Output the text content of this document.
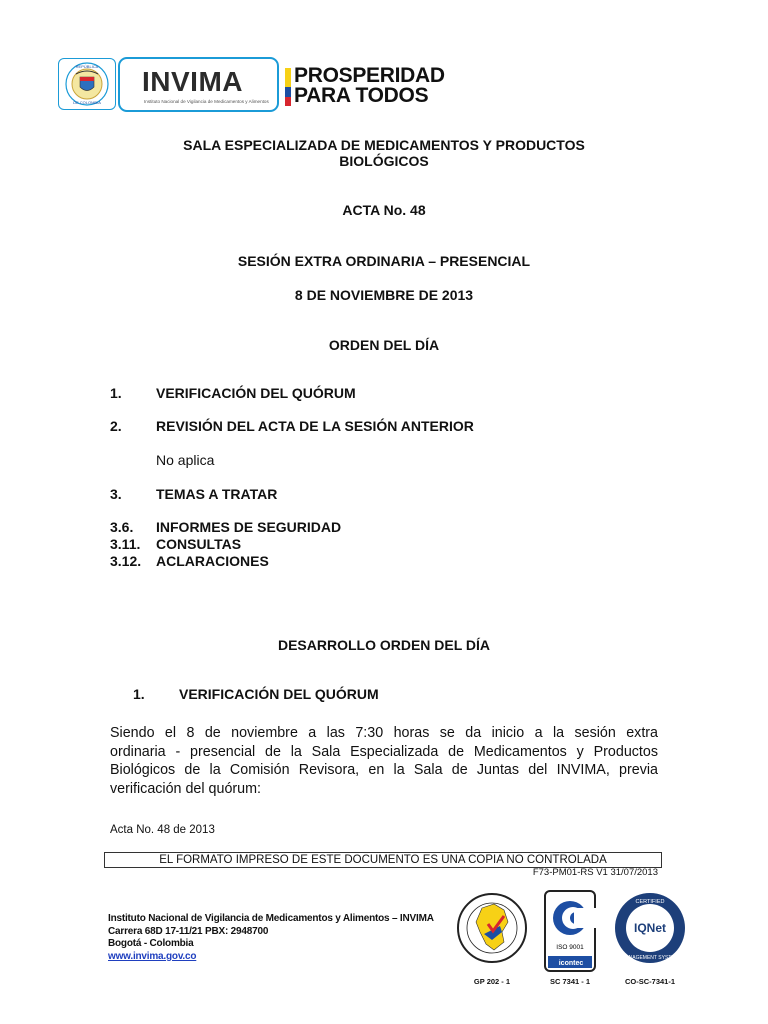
REPÚBLICA
DE COLOMBIA
INVIMA
Instituto Nacional de Vigilancia de Medicamentos y Alimentos
PROSPERIDAD
PARA TODOS
SALA ESPECIALIZADA DE MEDICAMENTOS Y PRODUCTOS
BIOLÓGICOS
ACTA No. 48
SESIÓN EXTRA ORDINARIA – PRESENCIAL
8 DE NOVIEMBRE DE 2013
ORDEN DEL DÍA
1. VERIFICACIÓN DEL QUÓRUM
2. REVISIÓN DEL ACTA DE LA SESIÓN ANTERIOR
No aplica
3. TEMAS A TRATAR
3.6. INFORMES DE SEGURIDAD
3.11. CONSULTAS
3.12. ACLARACIONES
DESARROLLO ORDEN DEL DÍA
1. VERIFICACIÓN DEL QUÓRUM
Siendo el 8 de noviembre a las 7:30 horas se da inicio a la sesión extra
ordinaria - presencial de la Sala Especializada de Medicamentos y Productos
Biológicos de la Comisión Revisora, en la Sala de Juntas del INVIMA, previa
verificación del quórum:
Acta No. 48 de 2013
EL FORMATO IMPRESO DE ESTE DOCUMENTO ES UNA COPIA NO CONTROLADA
F73-PM01-RS V1 31/07/2013
Instituto Nacional de Vigilancia de Medicamentos y Alimentos – INVIMA
Carrera 68D 17-11/21 PBX: 2948700
Bogotá - Colombia
www.invima.gov.co
GP 202 - 1
ISO 9001
icontec
SC 7341 - 1
CERTIFIED
MANAGEMENT SYSTEM
IQNet
CO-SC-7341-1
